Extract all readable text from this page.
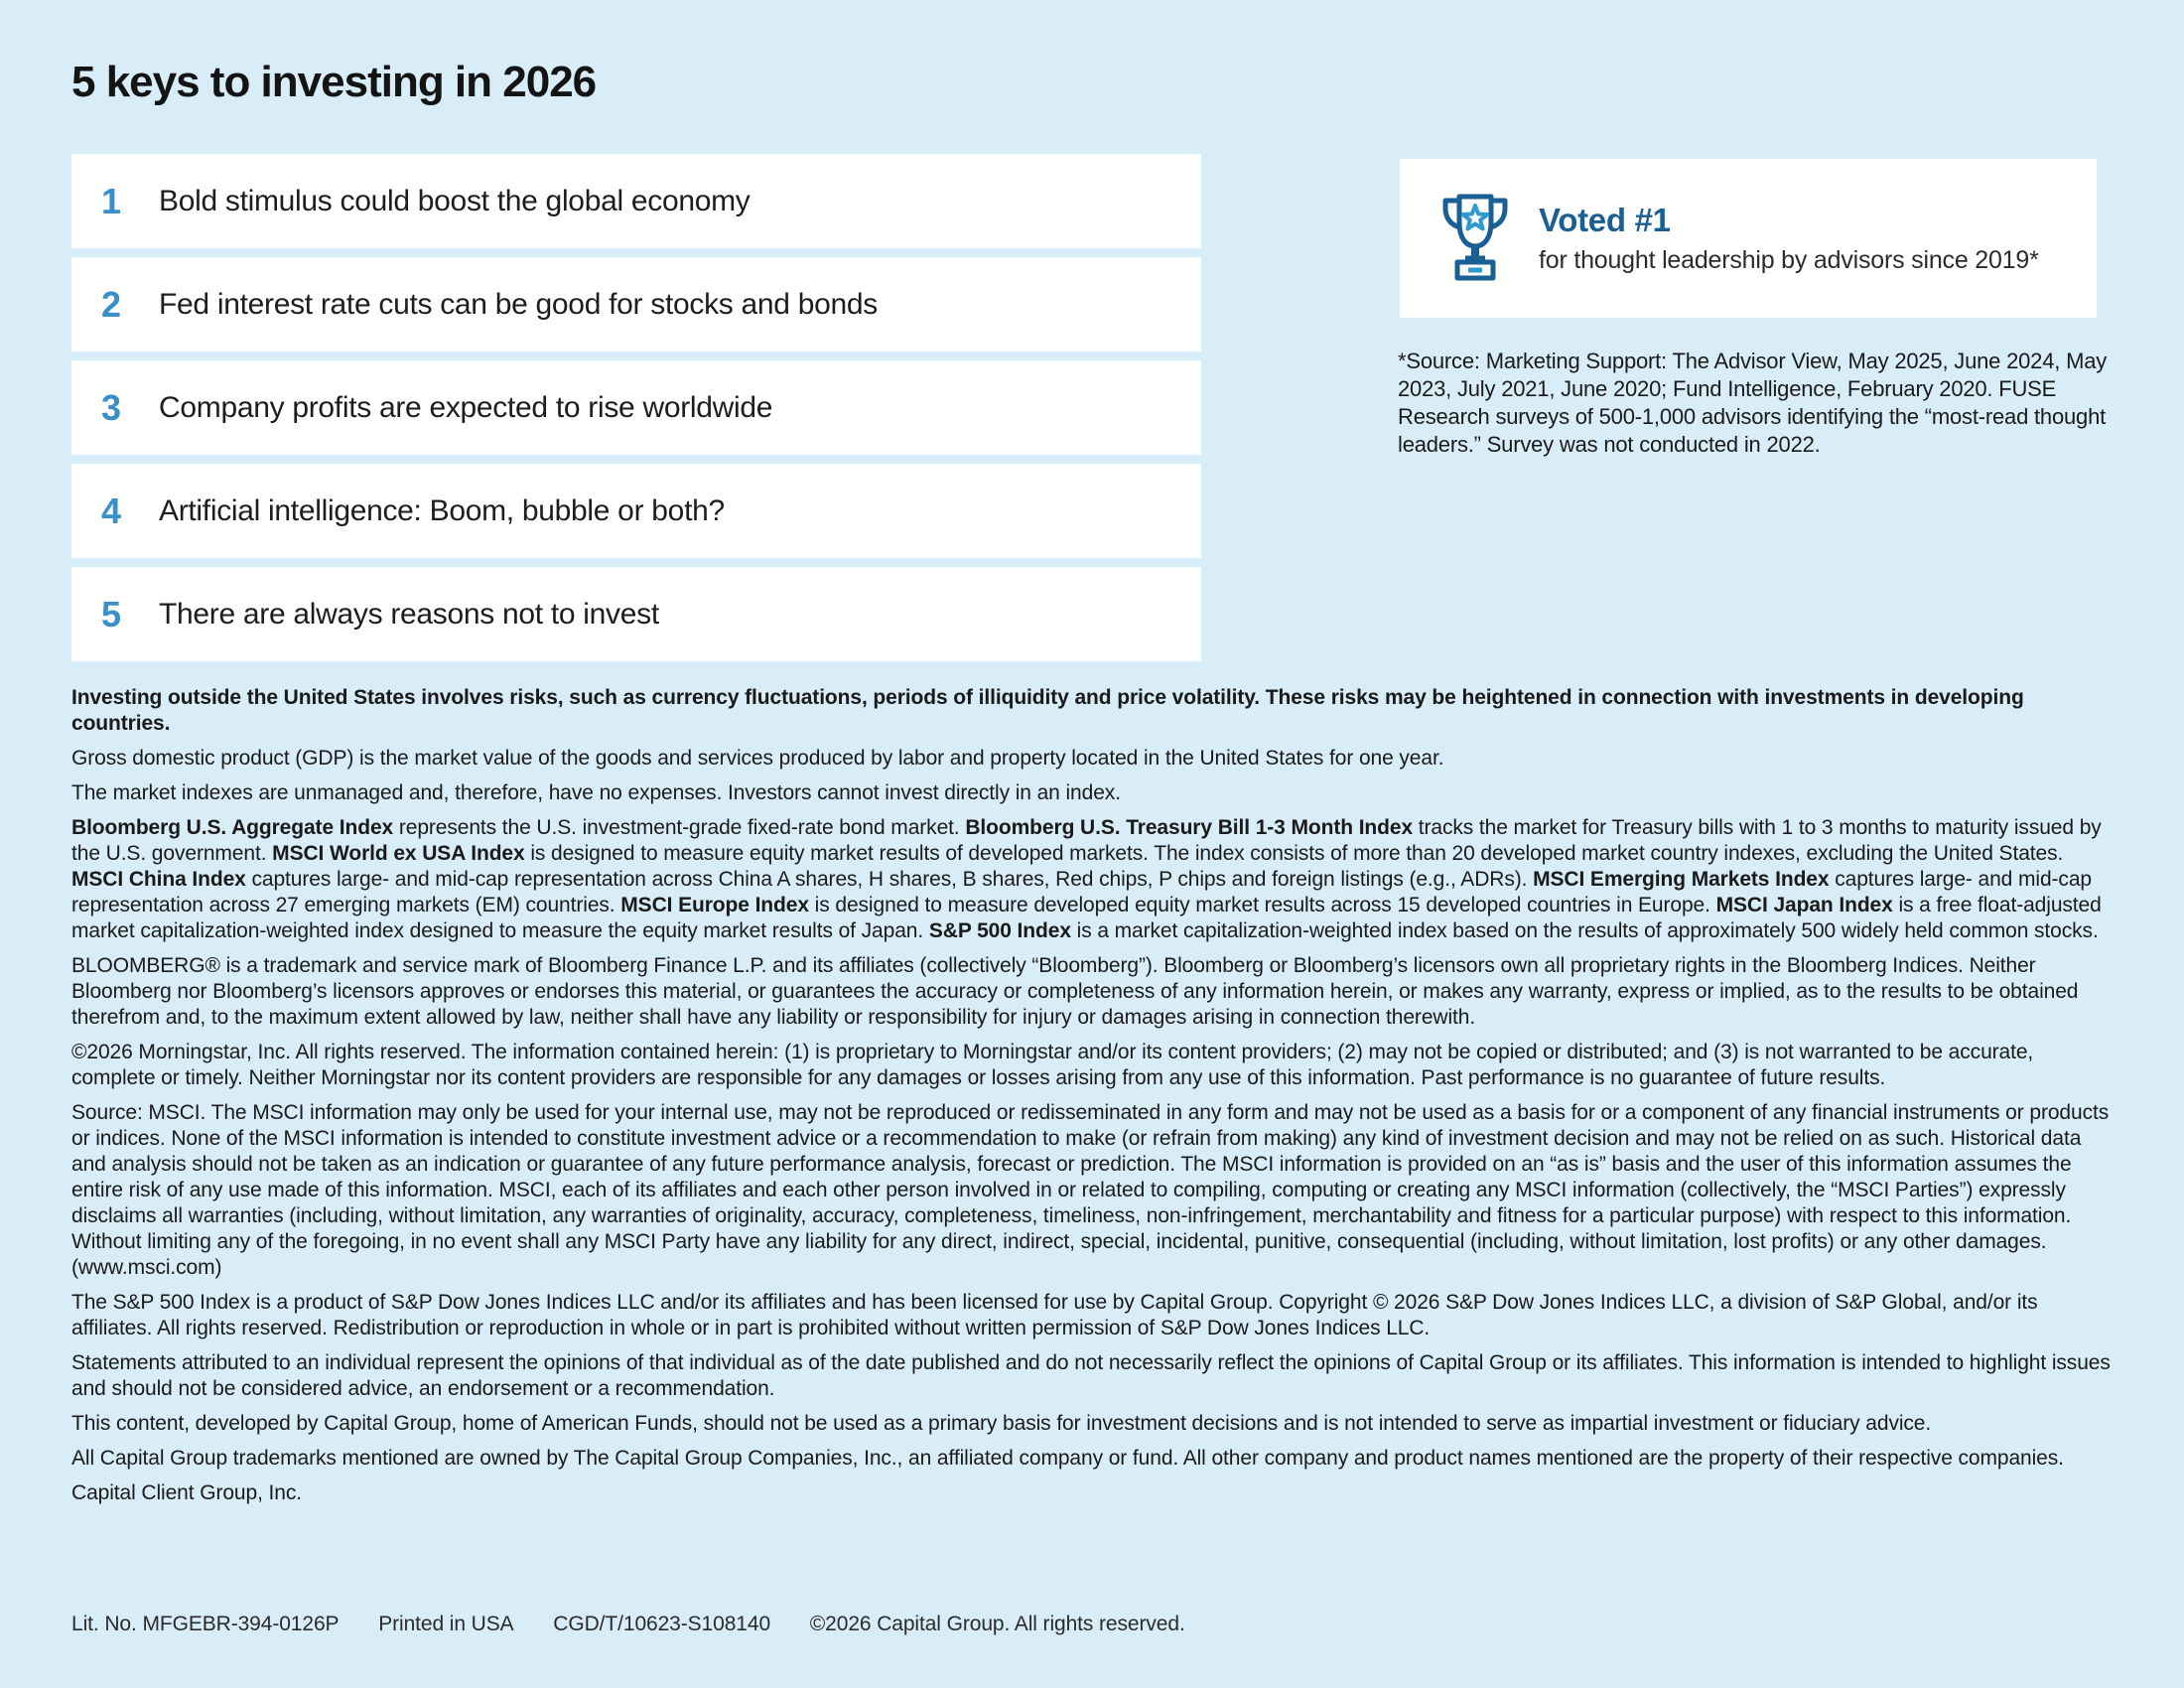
5 keys to investing in 2026
1	Bold stimulus could boost the global economy
2	Fed interest rate cuts can be good for stocks and bonds
3	Company profits are expected to rise worldwide
4	Artificial intelligence: Boom, bubble or both?
5	There are always reasons not to invest
Voted #1
for thought leadership by advisors since 2019*
*Source: Marketing Support: The Advisor View, May 2025, June 2024, May 2023, July 2021, June 2020; Fund Intelligence, February 2020. FUSE Research surveys of 500-1,000 advisors identifying the “most-read thought leaders.” Survey was not conducted in 2022.

Investing outside the United States involves risks, such as currency fluctuations, periods of illiquidity and price volatility. These risks may be heightened in connection with investments in developing countries.

Gross domestic product (GDP) is the market value of the goods and services produced by labor and property located in the United States for one year.

The market indexes are unmanaged and, therefore, have no expenses. Investors cannot invest directly in an index.

Bloomberg U.S. Aggregate Index represents the U.S. investment-grade fixed-rate bond market. Bloomberg U.S. Treasury Bill 1-3 Month Index tracks the market for Treasury bills with 1 to 3 months to maturity issued by the U.S. government. MSCI World ex USA Index is designed to measure equity market results of developed markets. The index consists of more than 20 developed market country indexes, excluding the United States. MSCI China Index captures large- and mid-cap representation across China A shares, H shares, B shares, Red chips, P chips and foreign listings (e.g., ADRs). MSCI Emerging Markets Index captures large- and mid-cap representation across 27 emerging markets (EM) countries. MSCI Europe Index is designed to measure developed equity market results across 15 developed countries in Europe. MSCI Japan Index is a free float-adjusted market capitalization-weighted index designed to measure the equity market results of Japan. S&P 500 Index is a market capitalization-weighted index based on the results of approximately 500 widely held common stocks.

BLOOMBERG® is a trademark and service mark of Bloomberg Finance L.P. and its affiliates (collectively “Bloomberg”). Bloomberg or Bloomberg’s licensors own all proprietary rights in the Bloomberg Indices. Neither Bloomberg nor Bloomberg’s licensors approves or endorses this material, or guarantees the accuracy or completeness of any information herein, or makes any warranty, express or implied, as to the results to be obtained therefrom and, to the maximum extent allowed by law, neither shall have any liability or responsibility for injury or damages arising in connection therewith.

©2026 Morningstar, Inc. All rights reserved. The information contained herein: (1) is proprietary to Morningstar and/or its content providers; (2) may not be copied or distributed; and (3) is not warranted to be accurate, complete or timely. Neither Morningstar nor its content providers are responsible for any damages or losses arising from any use of this information. Past performance is no guarantee of future results.

Source: MSCI. The MSCI information may only be used for your internal use, may not be reproduced or redisseminated in any form and may not be used as a basis for or a component of any financial instruments or products or indices. None of the MSCI information is intended to constitute investment advice or a recommendation to make (or refrain from making) any kind of investment decision and may not be relied on as such. Historical data and analysis should not be taken as an indication or guarantee of any future performance analysis, forecast or prediction. The MSCI information is provided on an “as is” basis and the user of this information assumes the entire risk of any use made of this information. MSCI, each of its affiliates and each other person involved in or related to compiling, computing or creating any MSCI information (collectively, the “MSCI Parties”) expressly disclaims all warranties (including, without limitation, any warranties of originality, accuracy, completeness, timeliness, non-infringement, merchantability and fitness for a particular purpose) with respect to this information. Without limiting any of the foregoing, in no event shall any MSCI Party have any liability for any direct, indirect, special, incidental, punitive, consequential (including, without limitation, lost profits) or any other damages. (www.msci.com)

The S&P 500 Index is a product of S&P Dow Jones Indices LLC and/or its affiliates and has been licensed for use by Capital Group. Copyright © 2026 S&P Dow Jones Indices LLC, a division of S&P Global, and/or its affiliates. All rights reserved. Redistribution or reproduction in whole or in part is prohibited without written permission of S&P Dow Jones Indices LLC.

Statements attributed to an individual represent the opinions of that individual as of the date published and do not necessarily reflect the opinions of Capital Group or its affiliates. This information is intended to highlight issues and should not be considered advice, an endorsement or a recommendation.

This content, developed by Capital Group, home of American Funds, should not be used as a primary basis for investment decisions and is not intended to serve as impartial investment or fiduciary advice.

All Capital Group trademarks mentioned are owned by The Capital Group Companies, Inc., an affiliated company or fund. All other company and product names mentioned are the property of their respective companies.

Capital Client Group, Inc.

Lit. No. MFGEBR-394-0126P Printed in USA CGD/T/10623-S108140 ©2026 Capital Group. All rights reserved.
